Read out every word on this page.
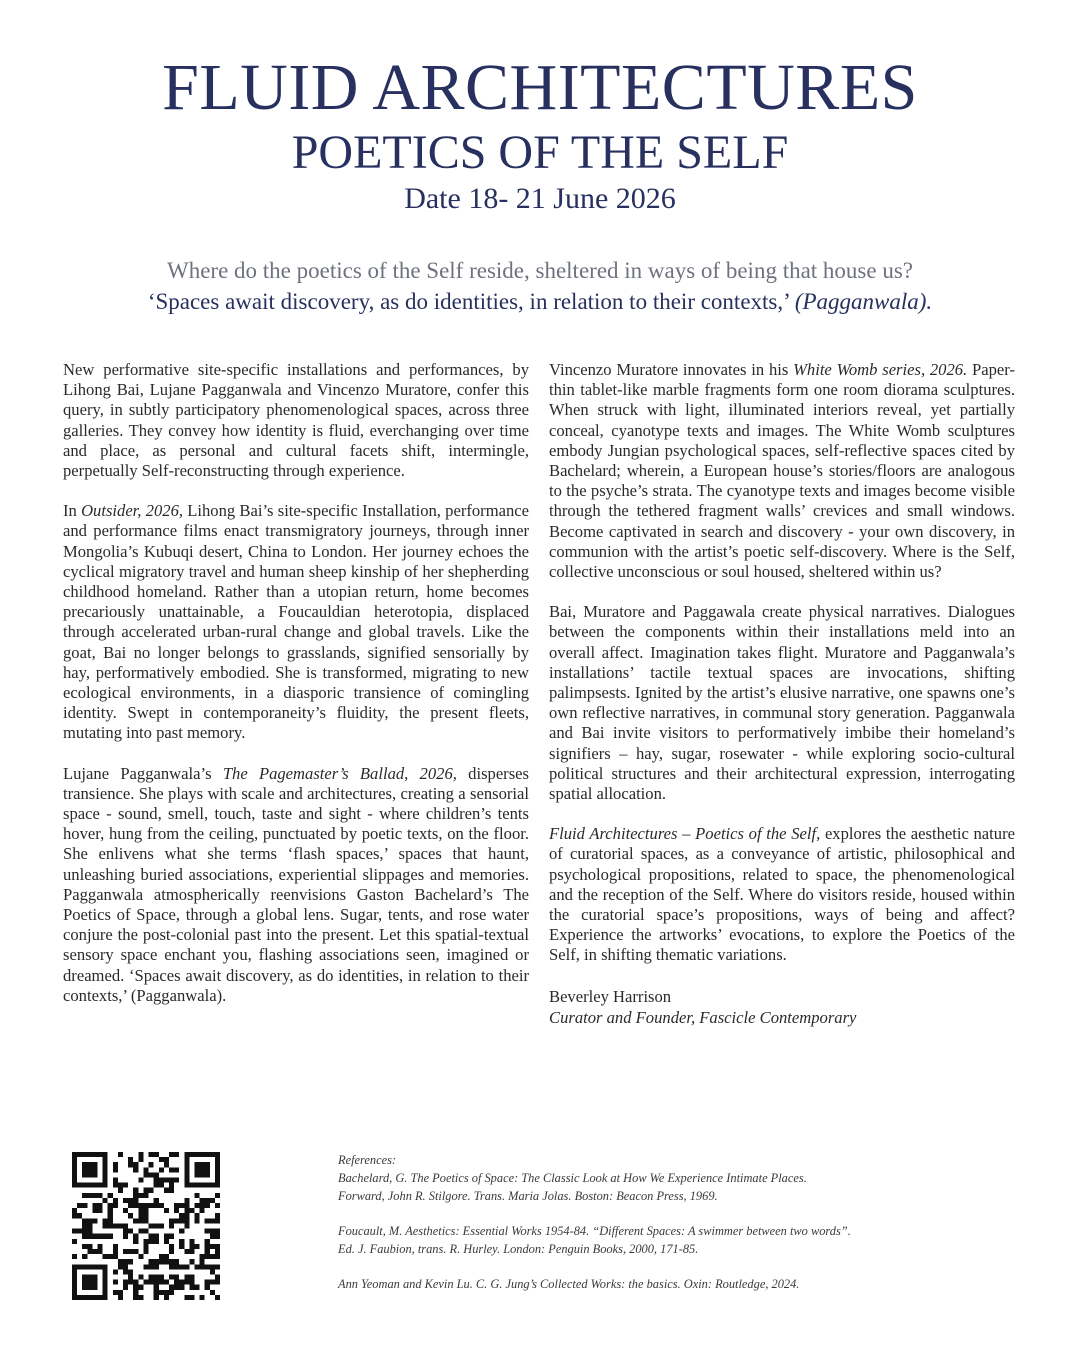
FLUID ARCHITECTURES
POETICS OF THE SELF
Date 18- 21 June 2026
Where do the poetics of the Self reside, sheltered in ways of being that house us?
‘Spaces await discovery, as do identities, in relation to their contexts,’ (Pagganwala).

New performative site-specific installations and performances, by Lihong Bai, Lujane Pagganwala and Vincenzo Muratore, confer this query, in subtly participatory phenomenological spaces, across three galleries. They convey how identity is fluid, everchanging over time and place, as personal and cultural facets shift, intermingle, perpetually Self-reconstructing through experience.

In Outsider, 2026, Lihong Bai’s site-specific Installation, performance and performance films enact transmigratory journeys, through inner Mongolia’s Kubuqi desert, China to London. Her journey echoes the cyclical migratory travel and human sheep kinship of her shepherding childhood homeland. Rather than a utopian return, home becomes precariously unattainable, a Foucauldian heterotopia, displaced through accelerated urban-rural change and global travels. Like the goat, Bai no longer belongs to grasslands, signified sensorially by hay, performatively embodied. She is transformed, migrating to new ecological environments, in a diasporic transience of comingling identity. Swept in contemporaneity’s fluidity, the present fleets, mutating into past memory.

Lujane Pagganwala’s The Pagemaster’s Ballad, 2026, disperses transience. She plays with scale and architectures, creating a sensorial space - sound, smell, touch, taste and sight - where children’s tents hover, hung from the ceiling, punctuated by poetic texts, on the floor. She enlivens what she terms ‘flash spaces,’ spaces that haunt, unleashing buried associations, experiential slippages and memories. Pagganwala atmospherically reenvisions Gaston Bachelard’s The Poetics of Space, through a global lens. Sugar, tents, and rose water conjure the post-colonial past into the present. Let this spatial-textual sensory space enchant you, flashing associations seen, imagined or dreamed. ‘Spaces await discovery, as do identities, in relation to their contexts,’ (Pagganwala).

Vincenzo Muratore innovates in his White Womb series, 2026. Paper-thin tablet-like marble fragments form one room diorama sculptures. When struck with light, illuminated interiors reveal, yet partially conceal, cyanotype texts and images. The White Womb sculptures embody Jungian psychological spaces, self-reflective spaces cited by Bachelard; wherein, a European house’s stories/floors are analogous to the psyche’s strata. The cyanotype texts and images become visible through the tethered fragment walls’ crevices and small windows. Become captivated in search and discovery - your own discovery, in communion with the artist’s poetic self-discovery. Where is the Self, collective unconscious or soul housed, sheltered within us?

Bai, Muratore and Paggawala create physical narratives. Dialogues between the components within their installations meld into an overall affect. Imagination takes flight. Muratore and Pagganwala’s installations’ tactile textual spaces are invocations, shifting palimpsests. Ignited by the artist’s elusive narrative, one spawns one’s own reflective narratives, in communal story generation. Pagganwala and Bai invite visitors to performatively imbibe their homeland’s signifiers – hay, sugar, rosewater - while exploring socio-cultural political structures and their architectural expression, interrogating spatial allocation.

Fluid Architectures – Poetics of the Self, explores the aesthetic nature of curatorial spaces, as a conveyance of artistic, philosophical and psychological propositions, related to space, the phenomenological and the reception of the Self. Where do visitors reside, housed within the curatorial space’s propositions, ways of being and affect? Experience the artworks’ evocations, to explore the Poetics of the Self, in shifting thematic variations.

Beverley Harrison
Curator and Founder, Fascicle Contemporary
References:
Bachelard, G. The Poetics of Space: The Classic Look at How We Experience Intimate Places.
Forward, John R. Stilgore. Trans. Maria Jolas. Boston: Beacon Press, 1969.
Foucault, M. Aesthetics: Essential Works 1954-84. “Different Spaces: A swimmer between two words”.
Ed. J. Faubion, trans. R. Hurley. London: Penguin Books, 2000, 171-85.
Ann Yeoman and Kevin Lu. C. G. Jung’s Collected Works: the basics. Oxin: Routledge, 2024.
